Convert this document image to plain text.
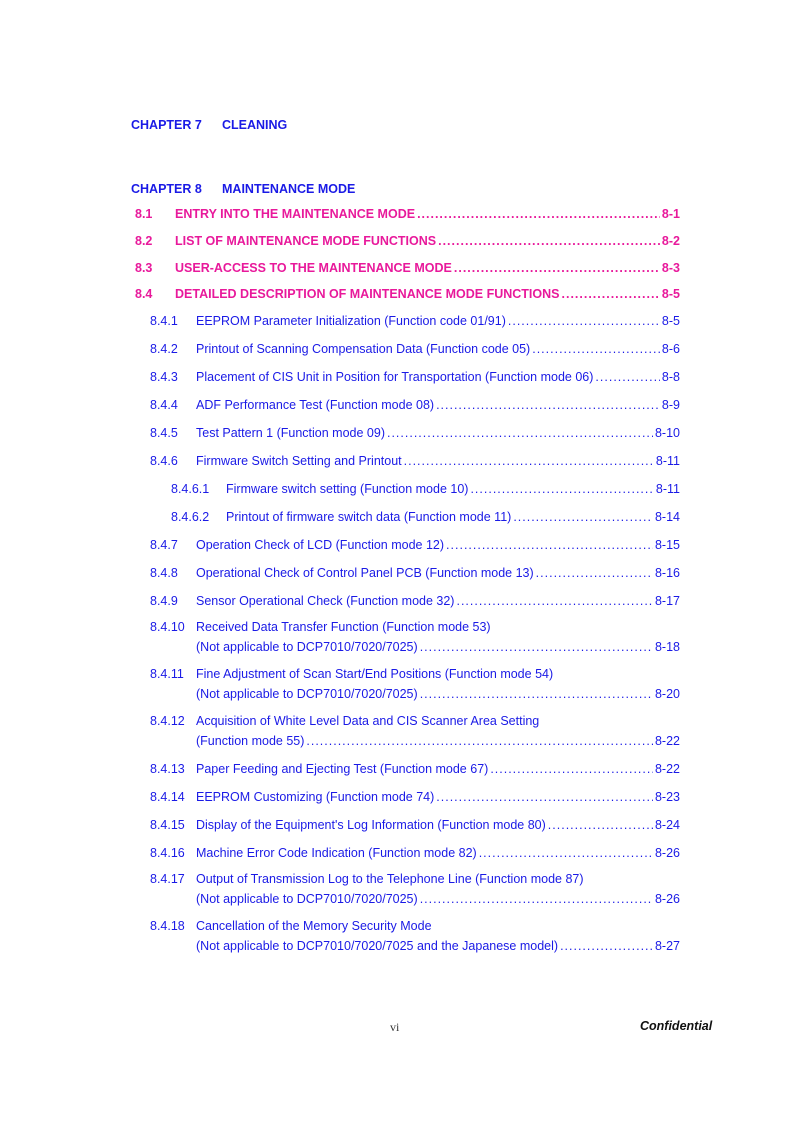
CHAPTER 7 CLEANING
CHAPTER 8 MAINTENANCE MODE
8.1	ENTRY INTO THE MAINTENANCE MODE .....	8-1
8.2	LIST OF MAINTENANCE MODE FUNCTIONS .....	8-2
8.3	USER-ACCESS TO THE MAINTENANCE MODE .....	8-3
8.4	DETAILED DESCRIPTION OF MAINTENANCE MODE FUNCTIONS .....	8-5
8.4.1	EEPROM Parameter Initialization (Function code 01/91) .....	8-5
8.4.2	Printout of Scanning Compensation Data (Function code 05) .....	8-6
8.4.3	Placement of CIS Unit in Position for Transportation (Function mode 06) .....	8-8
8.4.4	ADF Performance Test (Function mode 08) .....	8-9
8.4.5	Test Pattern 1 (Function mode 09) .....	8-10
8.4.6	Firmware Switch Setting and Printout .....	8-11
8.4.6.1	Firmware switch setting (Function mode 10) .....	8-11
8.4.6.2	Printout of firmware switch data (Function mode 11) .....	8-14
8.4.7	Operation Check of LCD (Function mode 12) .....	8-15
8.4.8	Operational Check of Control Panel PCB (Function mode 13) .....	8-16
8.4.9	Sensor Operational Check (Function mode 32) .....	8-17
8.4.10 Received Data Transfer Function (Function mode 53)
(Not applicable to DCP7010/7020/7025) .....	8-18
8.4.11 Fine Adjustment of Scan Start/End Positions (Function mode 54)
(Not applicable to DCP7010/7020/7025) .....	8-20
8.4.12 Acquisition of White Level Data and CIS Scanner Area Setting
(Function mode 55) .....	8-22
8.4.13 Paper Feeding and Ejecting Test (Function mode 67) .....	8-22
8.4.14 EEPROM Customizing (Function mode 74) .....	8-23
8.4.15 Display of the Equipment's Log Information (Function mode 80) .....	8-24
8.4.16 Machine Error Code Indication (Function mode 82) .....	8-26
8.4.17 Output of Transmission Log to the Telephone Line (Function mode 87)
(Not applicable to DCP7010/7020/7025) .....	8-26
8.4.18 Cancellation of the Memory Security Mode
(Not applicable to DCP7010/7020/7025 and the Japanese model) .....	8-27
vi	Confidential
